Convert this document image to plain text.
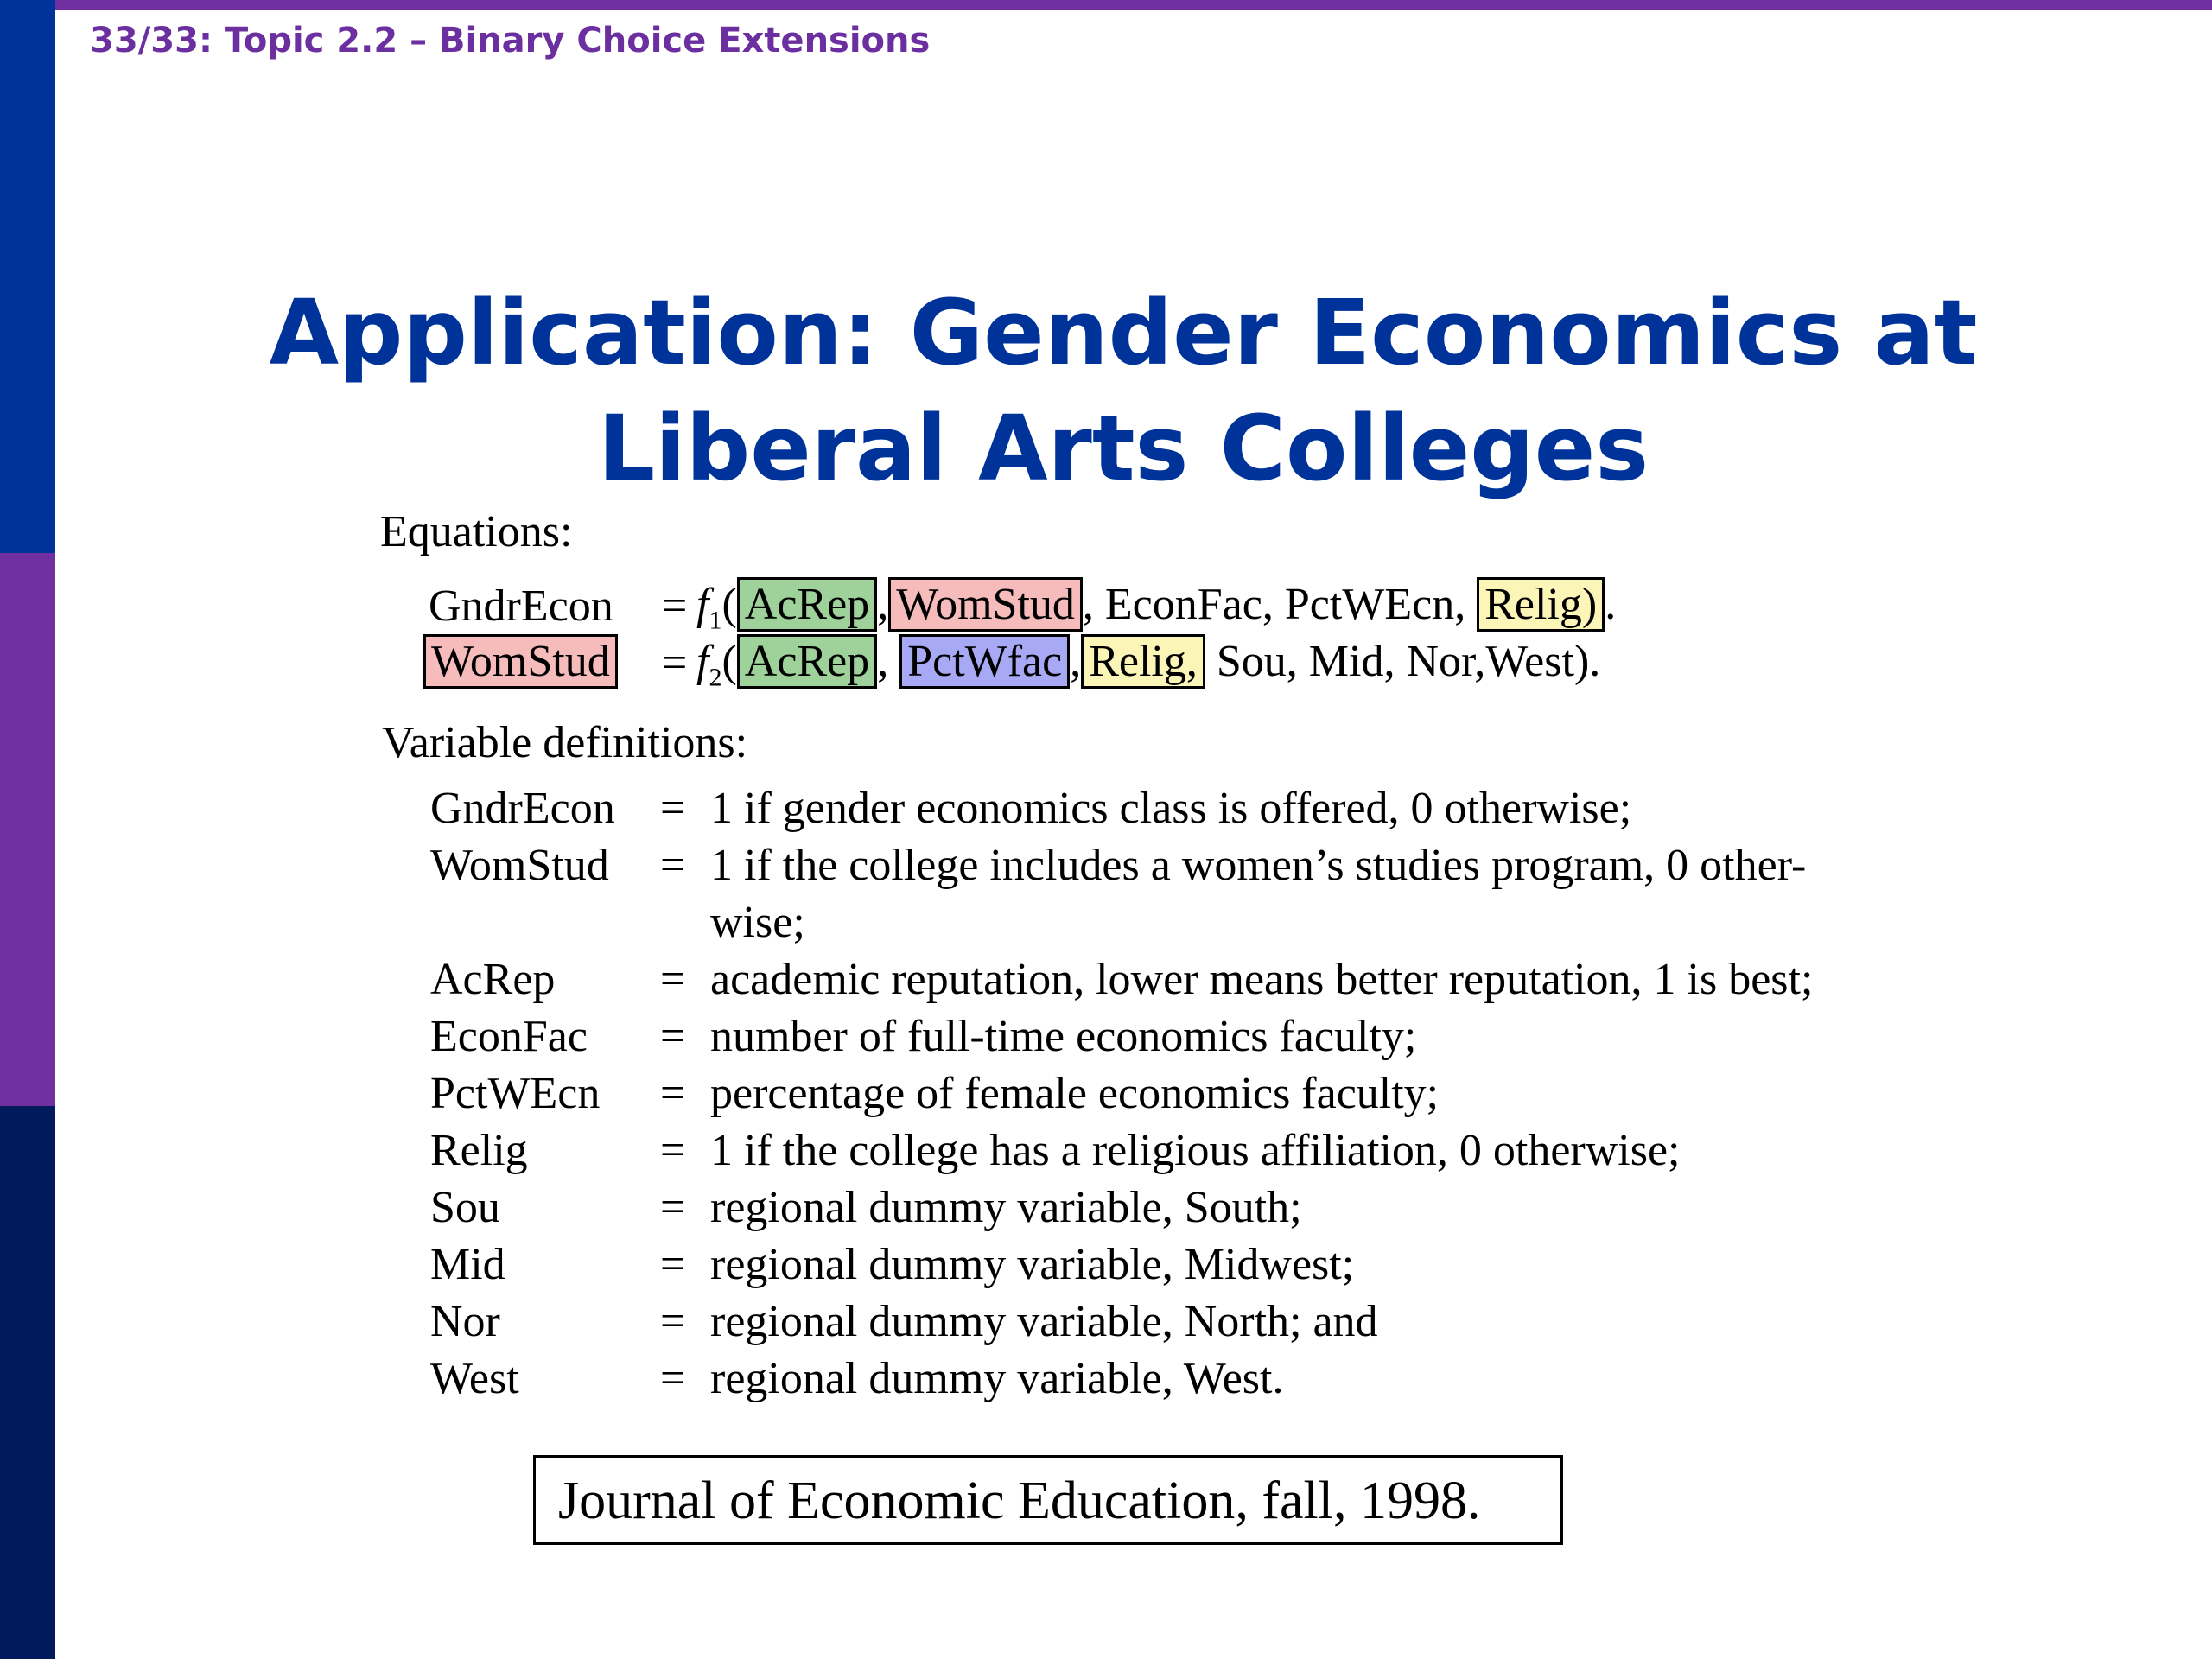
33/33: Topic 2.2 – Binary Choice Extensions
Application: Gender Economics at
Liberal Arts Colleges
Equations:
GndrEcon = $f_1$( AcRep , WomStud , EconFac, PctWEcn, Relig) .
WomStud = $f_2$( AcRep , PctWfac , Relig, Sou, Mid, Nor,West).
Variable definitions:
GndrEcon = 1 if gender economics class is offered, 0 otherwise;
WomStud = 1 if the college includes a women’s studies program, 0 other-
wise;
AcRep = academic reputation, lower means better reputation, 1 is best;
EconFac = number of full-time economics faculty;
PctWEcn = percentage of female economics faculty;
Relig	= 1 if the college has a religious affiliation, 0 otherwise;
Sou	= regional dummy variable, South;
Mid	= regional dummy variable, Midwest;
Nor	= regional dummy variable, North; and
West	= regional dummy variable, West.
Journal of Economic Education, fall, 1998.
